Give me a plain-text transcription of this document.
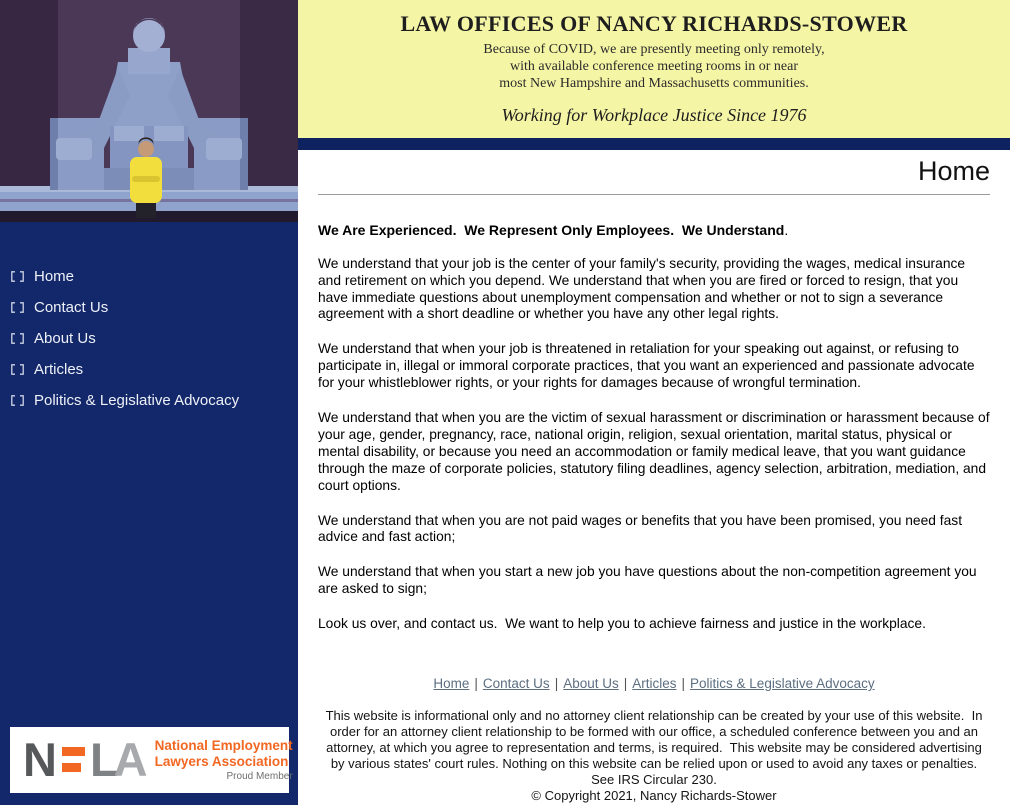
Home
Contact Us
About Us
Articles
Politics & Legislative Advocacy
N L
A National Employment
Lawyers Association
Proud Member
LAW OFFICES OF NANCY RICHARDS-STOWER
Because of COVID, we are presently meeting only remotely,
with available conference meeting rooms in or near
most New Hampshire and Massachusetts communities.
Working for Workplace Justice Since 1976
Home

We Are Experienced.  We Represent Only Employees.  We Understand.

We understand that your job is the center of your family's security, providing the wages, medical insurance and retirement on which you depend. We understand that when you are fired or forced to resign, that you have immediate questions about unemployment compensation and whether or not to sign a severance agreement with a short deadline or whether you have any other legal rights.

We understand that when your job is threatened in retaliation for your speaking out against, or refusing to participate in, illegal or immoral corporate practices, that you want an experienced and passionate advocate for your whistleblower rights, or your rights for damages because of wrongful termination.

We understand that when you are the victim of sexual harassment or discrimination or harassment because of your age, gender, pregnancy, race, national origin, religion, sexual orientation, marital status, physical or mental disability, or because you need an accommodation or family medical leave, that you want guidance through the maze of corporate policies, statutory filing deadlines, agency selection, arbitration, mediation, and court options.

We understand that when you are not paid wages or benefits that you have been promised, you need fast advice and fast action;

We understand that when you start a new job you have questions about the non-competition agreement you are asked to sign;

Look us over, and contact us.  We want to help you to achieve fairness and justice in the workplace.

Home | Contact Us | About Us | Articles | Politics & Legislative Advocacy
This website is informational only and no attorney client relationship can be created by your use of this website.  In order for an attorney client relationship to be formed with our office, a scheduled conference between you and an attorney, at which you agree to representation and terms, is required.  This website may be considered advertising by various states' court rules. Nothing on this website can be relied upon or used to avoid any taxes or penalties. See IRS Circular 230.
© Copyright 2021, Nancy Richards-Stower
